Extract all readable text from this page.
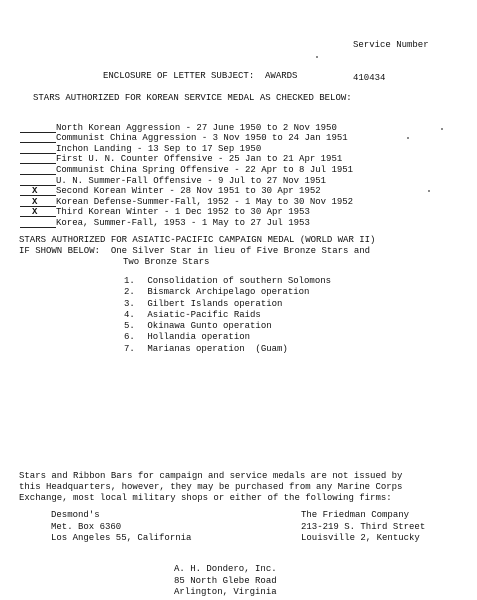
Service Number

410434

ENCLOSURE OF LETTER SUBJECT:  AWARDS
STARS AUTHORIZED FOR KOREAN SERVICE MEDAL AS CHECKED BELOW:
North Korean Aggression - 27 June 1950 to 2 Nov 1950
Communist China Aggression - 3 Nov 1950 to 24 Jan 1951
Inchon Landing - 13 Sep to 17 Sep 1950
First U. N. Counter Offensive - 25 Jan to 21 Apr 1951
Communist China Spring Offensive - 22 Apr to 8 Jul 1951
U. N. Summer-Fall Offensive - 9 Jul to 27 Nov 1951
X Second Korean Winter - 28 Nov 1951 to 30 Apr 1952
X Korean Defense-Summer-Fall, 1952 - 1 May to 30 Nov 1952
X Third Korean Winter - 1 Dec 1952 to 30 Apr 1953
Korea, Summer-Fall, 1953 - 1 May to 27 Jul 1953
STARS AUTHORIZED FOR ASIATIC-PACIFIC CAMPAIGN MEDAL (WORLD WAR II)
IF SHOWN BELOW:  One Silver Star in lieu of Five Bronze Stars and
Two Bronze Stars
1. Consolidation of southern Solomons
2. Bismarck Archipelago operation
3. Gilbert Islands operation
4. Asiatic-Pacific Raids
5. Okinawa Gunto operation
6. Hollandia operation
7. Marianas operation  (Guam)
Stars and Ribbon Bars for campaign and service medals are not issued by
this Headquarters, however, they may be purchased from any Marine Corps
Exchange, most local military shops or either of the following firms:
Desmond's
Met. Box 6360
Los Angeles 55, California
The Friedman Company
213-219 S. Third Street
Louisville 2, Kentucky
A. H. Dondero, Inc.
85 North Glebe Road
Arlington, Virginia
